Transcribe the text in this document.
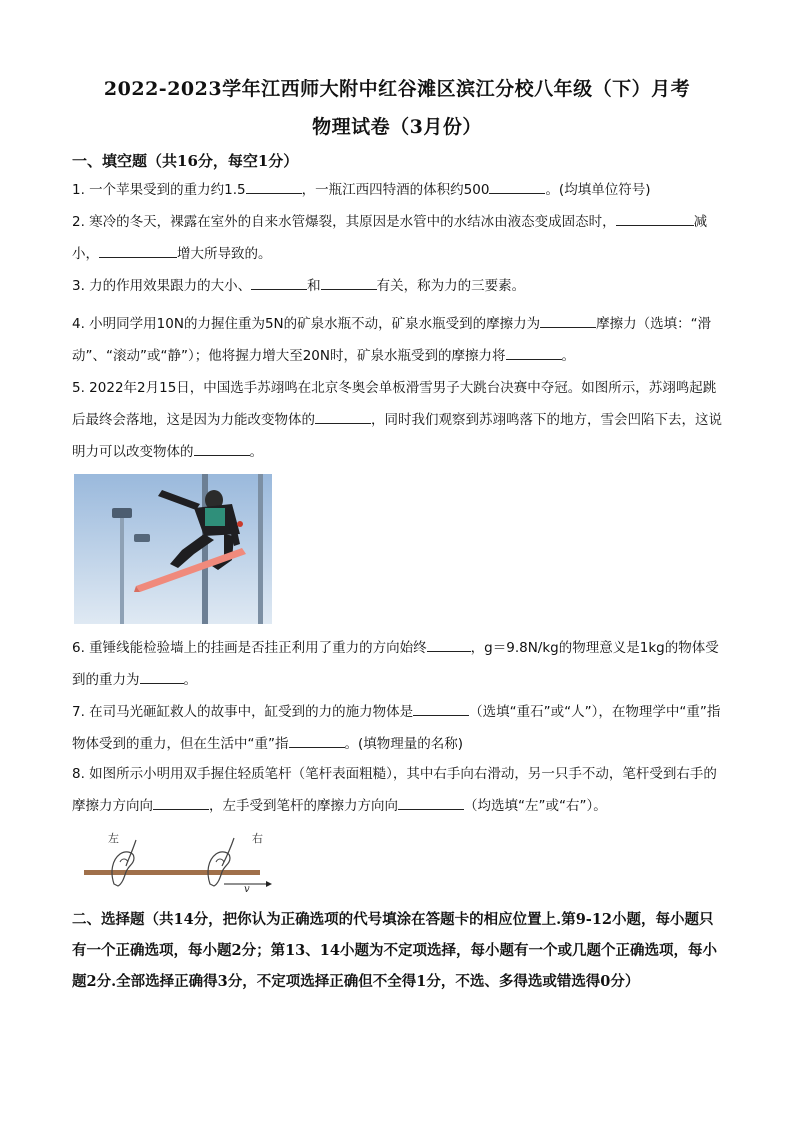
2022-2023学年江西师大附中红谷滩区滨江分校八年级（下）月考
物理试卷（3月份）
一、填空题（共16分，每空1分）

1. 一个苹果受到的重力约1.5	，一瓶江西四特酒的体积约500	。(均填单位符号)

2. 寒冷的冬天，裸露在室外的自来水管爆裂，其原因是水管中的水结冰由液态变成固态时，	减小，	增大所导致的。

3. 力的作用效果跟力的大小、	和	有关，称为力的三要素。

4. 小明同学用10N的力握住重为5N的矿泉水瓶不动，矿泉水瓶受到的摩擦力为	摩擦力（选填：“滑动”、“滚动”或“静”）；他将握力增大至20N时，矿泉水瓶受到的摩擦力将	。

5. 2022年2月15日，中国选手苏翊鸣在北京冬奥会单板滑雪男子大跳台决赛中夺冠。如图所示，苏翊鸣起跳后最终会落地，这是因为力能改变物体的	，同时我们观察到苏翊鸣落下的地方，雪会凹陷下去，这说明力可以改变物体的	。

6. 重锤线能检验墙上的挂画是否挂正利用了重力的方向始终	，g＝9.8N/kg的物理意义是1kg的物体受到的重力为	。

7. 在司马光砸缸救人的故事中，缸受到的力的施力物体是	（选填“重石”或“人”），在物理学中“重”指物体受到的重力，但在生活中“重”指	。(填物理量的名称)

8. 如图所示小明用双手握住轻质笔杆（笔杆表面粗糙），其中右手向右滑动，另一只手不动，笔杆受到右手的摩擦力方向向	，左手受到笔杆的摩擦力方向向	（均选填“左”或“右”）。

左	右
v
二、选择题（共14分，把你认为正确选项的代号填涂在答题卡的相应位置上.第9-12小题，每小题只有一个正确选项，每小题2分；第13、14小题为不定项选择，每小题有一个或几题个正确选项，每小题2分.全部选择正确得3分，不定项选择正确但不全得1分，不选、多得选或错选得0分）
